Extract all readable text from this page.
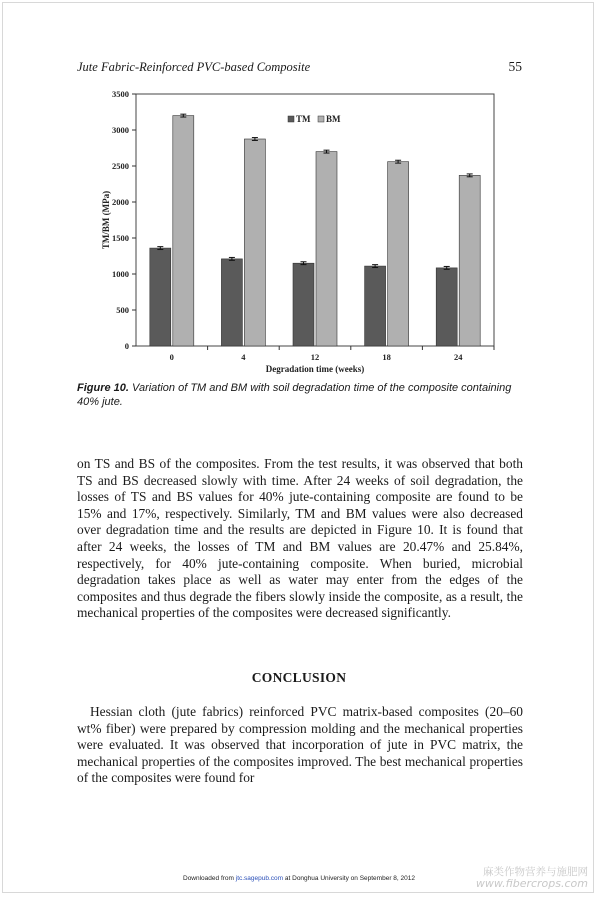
Jute Fabric-Reinforced PVC-based Composite	55
0
500
1000
1500
2000
2500
3000
3500
0	4	12	18	24
Degradation time (weeks)
TM/BM (MPa)
TM BM
Figure 10. Variation of TM and BM with soil degradation time of the composite containing 40% jute.

on TS and BS of the composites. From the test results, it was observed that both TS and BS decreased slowly with time. After 24 weeks of soil degradation, the losses of TS and BS values for 40% jute-containing composite are found to be 15% and 17%, respectively. Similarly, TM and BM values were also decreased over degradation time and the results are depicted in Figure 10. It is found that after 24 weeks, the losses of TM and BM values are 20.47% and 25.84%, respectively, for 40% jute-containing composite. When buried, microbial degradation takes place as well as water may enter from the edges of the composites and thus degrade the fibers slowly inside the composite, as a result, the mechanical properties of the composites were decreased significantly.

CONCLUSION

Hessian cloth (jute fabrics) reinforced PVC matrix-based composites (20–60 wt% fiber) were prepared by compression molding and the mechanical properties were evaluated. It was observed that incorporation of jute in PVC matrix, the mechanical properties of the composites improved. The best mechanical properties of the composites were found for

Downloaded from jtc.sagepub.com at Donghua University on September 8, 2012
麻类作物营养与施肥网
www.fibercrops.com
